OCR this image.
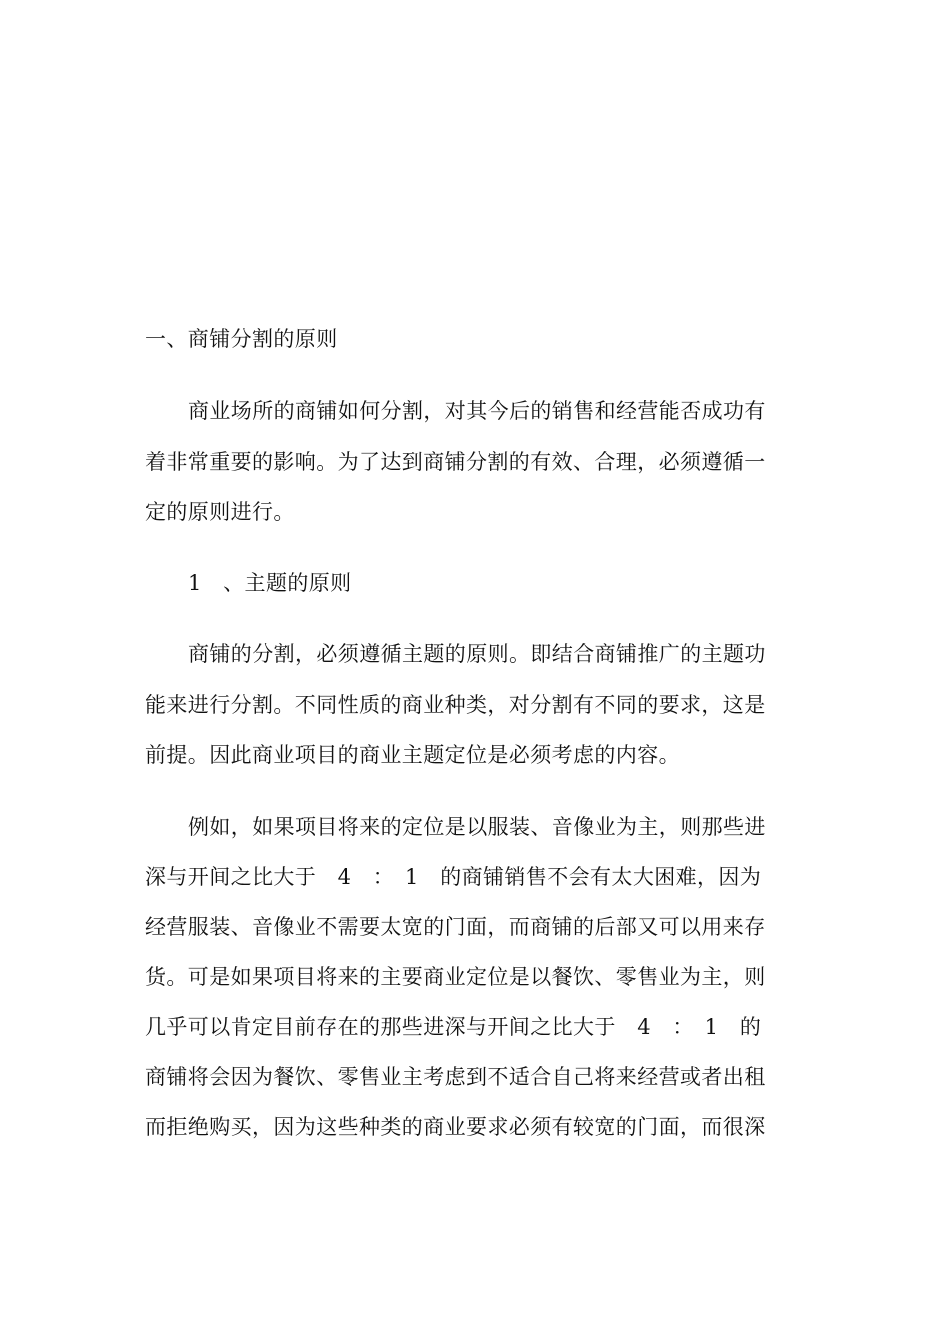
一、商铺分割的原则
商业场所的商铺如何分割，对其今后的销售和经营能否成功有
着非常重要的影响。为了达到商铺分割的有效、合理，必须遵循一
定的原则进行。
1　、主题的原则
商铺的分割，必须遵循主题的原则。即结合商铺推广的主题功
能来进行分割。不同性质的商业种类，对分割有不同的要求，这是
前提。因此商业项目的商业主题定位是必须考虑的内容。
例如，如果项目将来的定位是以服装、音像业为主，则那些进
深与开间之比大于　4　：　1　的商铺销售不会有太大困难，因为
经营服装、音像业不需要太宽的门面，而商铺的后部又可以用来存
货。可是如果项目将来的主要商业定位是以餐饮、零售业为主，则
几乎可以肯定目前存在的那些进深与开间之比大于　4　：　1　的
商铺将会因为餐饮、零售业主考虑到不适合自己将来经营或者出租
而拒绝购买，因为这些种类的商业要求必须有较宽的门面，而很深
